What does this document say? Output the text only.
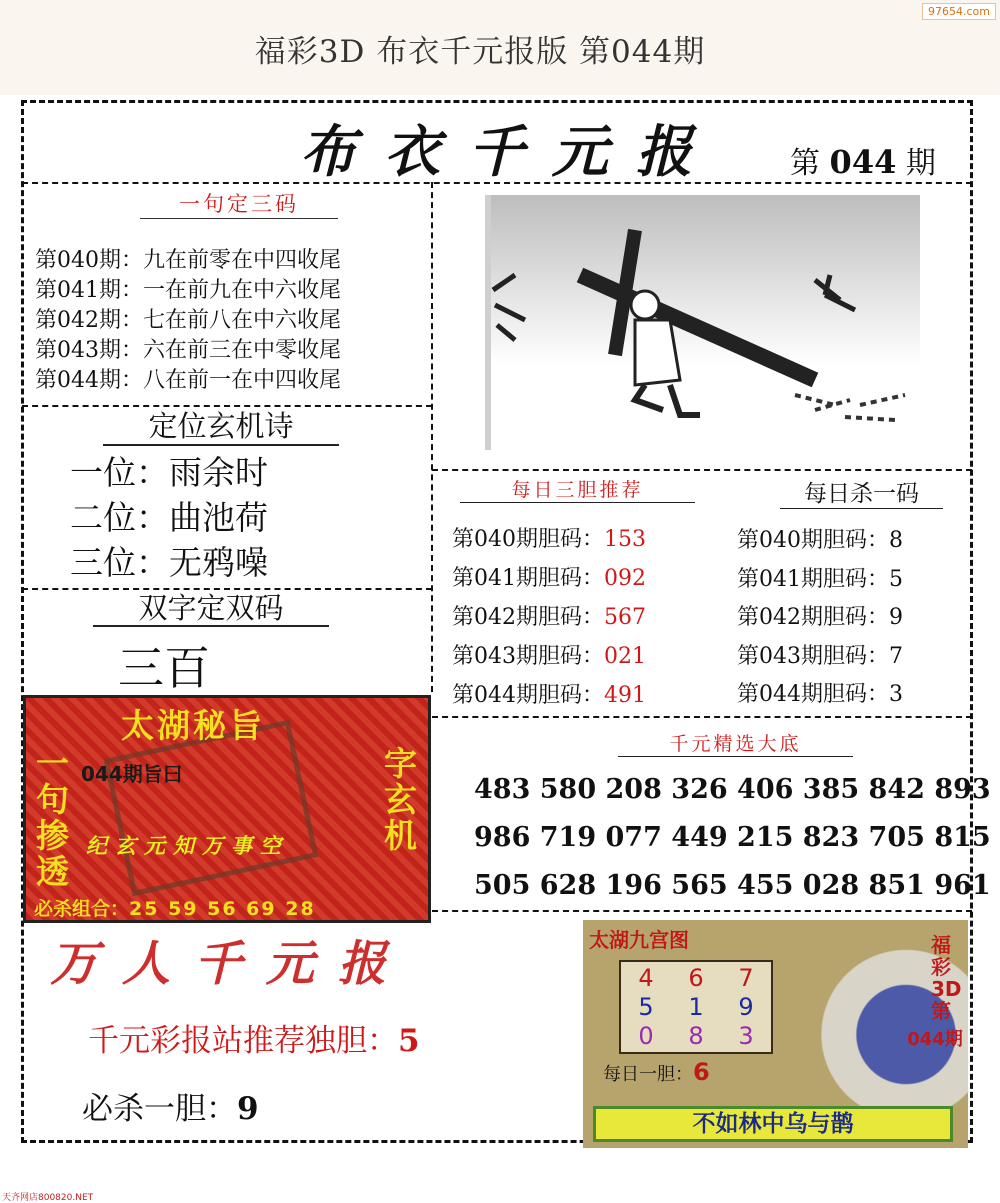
福彩3D 布衣千元报版 第044期
97654.com
布衣千元报 第 044 期
一句定三码
第040期：九在前零在中四收尾
第041期：一在前九在中六收尾
第042期：七在前八在中六收尾
第043期：六在前三在中零收尾
第044期：八在前一在中四收尾
定位玄机诗
一位：雨余时
二位：曲池荷
三位：无鸦噪
双字定双码
三百
每日三胆推荐
第040期胆码：153
第041期胆码：092
第042期胆码：567
第043期胆码：021
第044期胆码：491
每日杀一码
第040期胆码：8
第041期胆码：5
第042期胆码：9
第043期胆码：7
第044期胆码：3
千元精选大底
483 580 208 326 406 385 842 893
986 719 077 449 215 823 705 815
505 628 196 565 455 028 851 961
太湖秘旨
一句掺透
字玄机
044期旨曰
纪玄元知万事空
必杀组合：25 59 56 69 28
万人千元报
千元彩报站推荐独胆：5
必杀一胆：9
天齐网店800820.NET
太湖九宫图
4	6	7
5	1	9
0	8	3
福彩3D第
044期
每日一胆：6
不如林中乌与鹊
